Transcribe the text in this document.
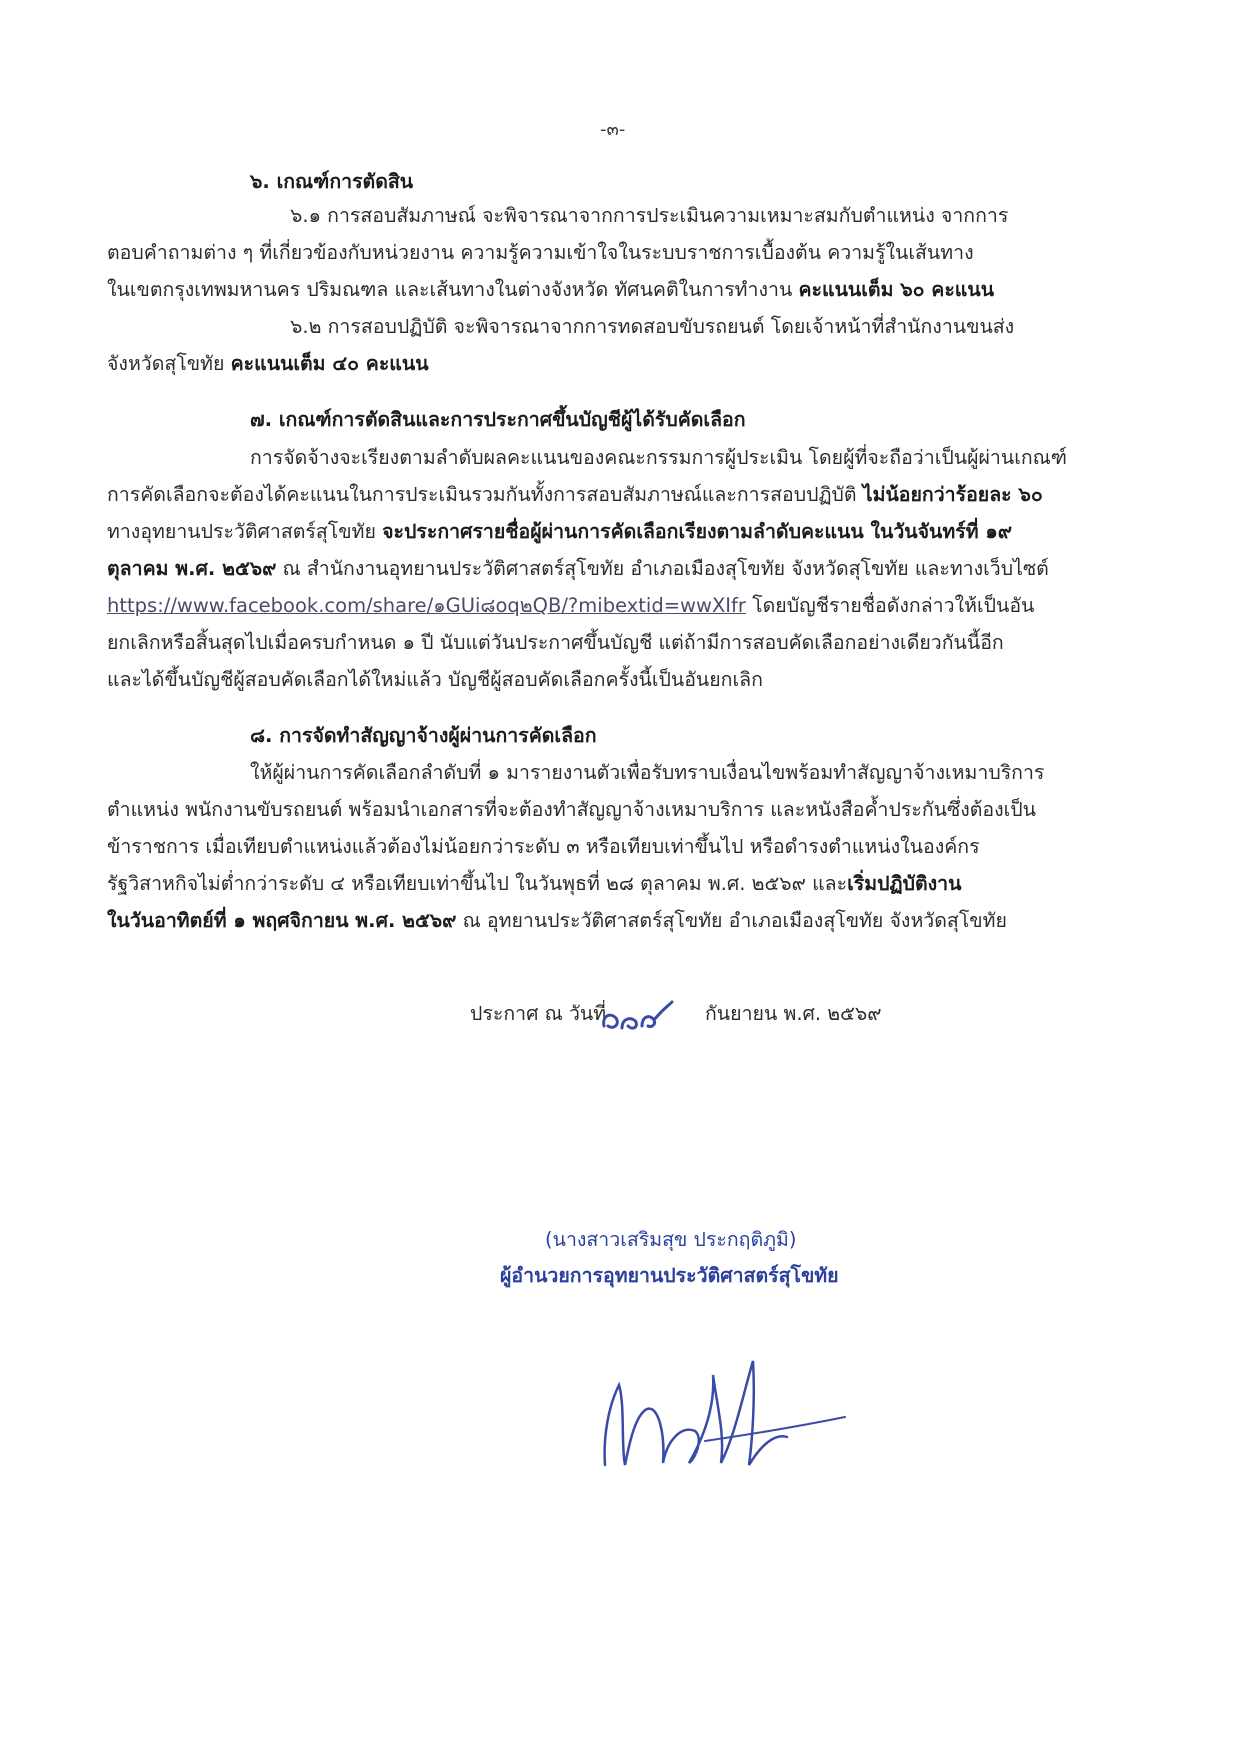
-๓-
๖. เกณฑ์การตัดสิน
๖.๑ การสอบสัมภาษณ์ จะพิจารณาจากการประเมินความเหมาะสมกับตำแหน่ง จากการ
ตอบคำถามต่าง ๆ ที่เกี่ยวข้องกับหน่วยงาน ความรู้ความเข้าใจในระบบราชการเบื้องต้น ความรู้ในเส้นทาง
ในเขตกรุงเทพมหานคร ปริมณฑล และเส้นทางในต่างจังหวัด ทัศนคติในการทำงาน คะแนนเต็ม ๖๐ คะแนน
๖.๒ การสอบปฏิบัติ จะพิจารณาจากการทดสอบขับรถยนต์ โดยเจ้าหน้าที่สำนักงานขนส่ง
จังหวัดสุโขทัย คะแนนเต็ม ๔๐ คะแนน
๗. เกณฑ์การตัดสินและการประกาศขึ้นบัญชีผู้ได้รับคัดเลือก
การจัดจ้างจะเรียงตามลำดับผลคะแนนของคณะกรรมการผู้ประเมิน โดยผู้ที่จะถือว่าเป็นผู้ผ่านเกณฑ์
การคัดเลือกจะต้องได้คะแนนในการประเมินรวมกันทั้งการสอบสัมภาษณ์และการสอบปฏิบัติ ไม่น้อยกว่าร้อยละ ๖๐
ทางอุทยานประวัติศาสตร์สุโขทัย จะประกาศรายชื่อผู้ผ่านการคัดเลือกเรียงตามลำดับคะแนน ในวันจันทร์ที่ ๑๙
ตุลาคม พ.ศ. ๒๕๖๙ ณ สำนักงานอุทยานประวัติศาสตร์สุโขทัย อำเภอเมืองสุโขทัย จังหวัดสุโขทัย และทางเว็บไซต์
https://www.facebook.com/share/๑GUi๘oq๒QB/?mibextid=wwXIfr โดยบัญชีรายชื่อดังกล่าวให้เป็นอัน
ยกเลิกหรือสิ้นสุดไปเมื่อครบกำหนด ๑ ปี นับแต่วันประกาศขึ้นบัญชี แต่ถ้ามีการสอบคัดเลือกอย่างเดียวกันนี้อีก
และได้ขึ้นบัญชีผู้สอบคัดเลือกได้ใหม่แล้ว บัญชีผู้สอบคัดเลือกครั้งนี้เป็นอันยกเลิก
๘. การจัดทำสัญญาจ้างผู้ผ่านการคัดเลือก
ให้ผู้ผ่านการคัดเลือกลำดับที่ ๑ มารายงานตัวเพื่อรับทราบเงื่อนไขพร้อมทำสัญญาจ้างเหมาบริการ
ตำแหน่ง พนักงานขับรถยนต์ พร้อมนำเอกสารที่จะต้องทำสัญญาจ้างเหมาบริการ และหนังสือค้ำประกันซึ่งต้องเป็น
ข้าราชการ เมื่อเทียบตำแหน่งแล้วต้องไม่น้อยกว่าระดับ ๓ หรือเทียบเท่าขึ้นไป หรือดำรงตำแหน่งในองค์กร
รัฐวิสาหกิจไม่ต่ำกว่าระดับ ๔ หรือเทียบเท่าขึ้นไป ในวันพุธที่ ๒๘ ตุลาคม พ.ศ. ๒๕๖๙ และเริ่มปฏิบัติงาน
ในวันอาทิตย์ที่ ๑ พฤศจิกายน พ.ศ. ๒๕๖๙ ณ อุทยานประวัติศาสตร์สุโขทัย อำเภอเมืองสุโขทัย จังหวัดสุโขทัย
ประกาศ ณ วันที่	กันยายน พ.ศ. ๒๕๖๙
(นางสาวเสริมสุข ประกฤติภูมิ)
ผู้อำนวยการอุทยานประวัติศาสตร์สุโขทัย
